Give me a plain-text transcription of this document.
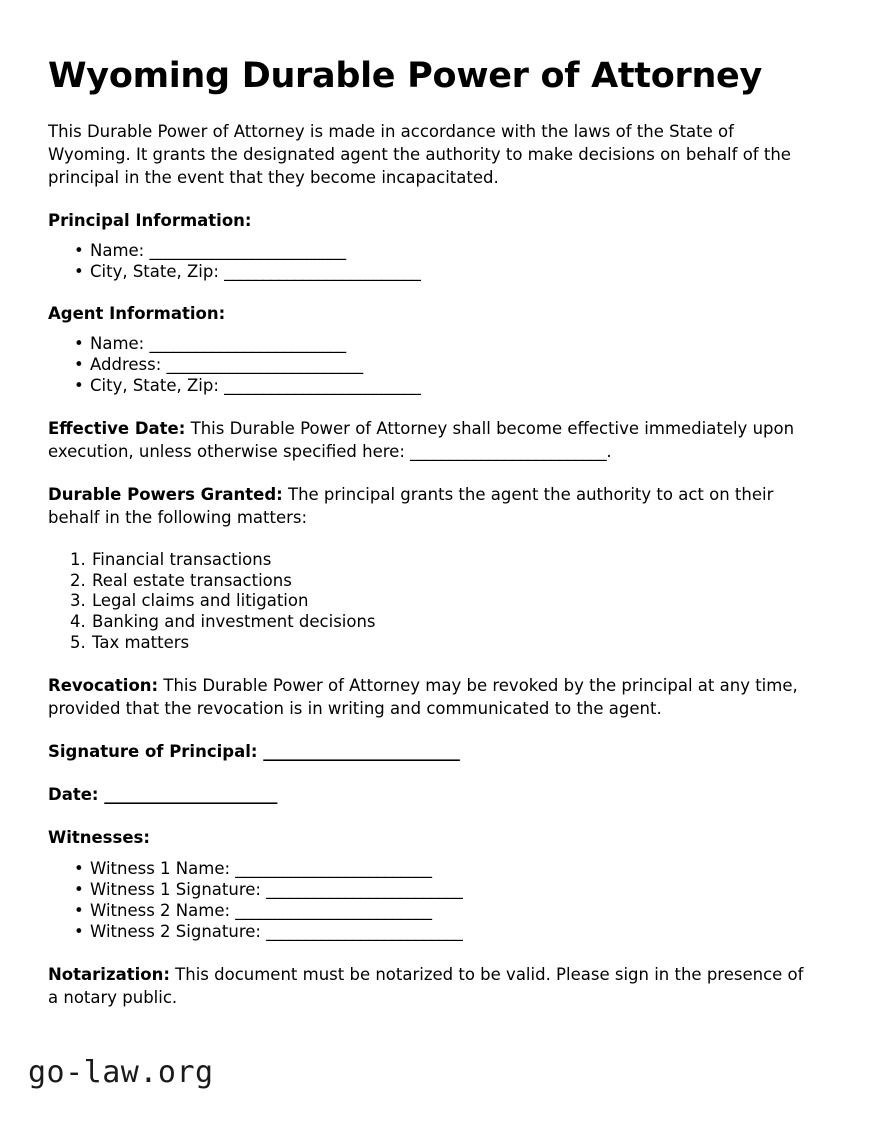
Wyoming Durable Power of Attorney

This Durable Power of Attorney is made in accordance with the laws of the State of Wyoming. It grants the designated agent the authority to make decisions on behalf of the principal in the event that they become incapacitated.

Principal Information:
• Name: _________________________
• City, State, Zip: _________________________
Agent Information:
• Name: _________________________
• Address: _________________________
• City, State, Zip: _________________________

Effective Date: This Durable Power of Attorney shall become effective immediately upon execution, unless otherwise specified here: _________________________.

Durable Powers Granted: The principal grants the agent the authority to act on their behalf in the following matters:

Financial transactions
Real estate transactions
Legal claims and litigation
Banking and investment decisions
Tax matters

Revocation: This Durable Power of Attorney may be revoked by the principal at any time, provided that the revocation is in writing and communicated to the agent.

Signature of Principal: _________________________
Date: ______________________
Witnesses:
• Witness 1 Name: _________________________
• Witness 1 Signature: _________________________
• Witness 2 Name: _________________________
• Witness 2 Signature: _________________________

Notarization: This document must be notarized to be valid. Please sign in the presence of a notary public.

go-law.org
